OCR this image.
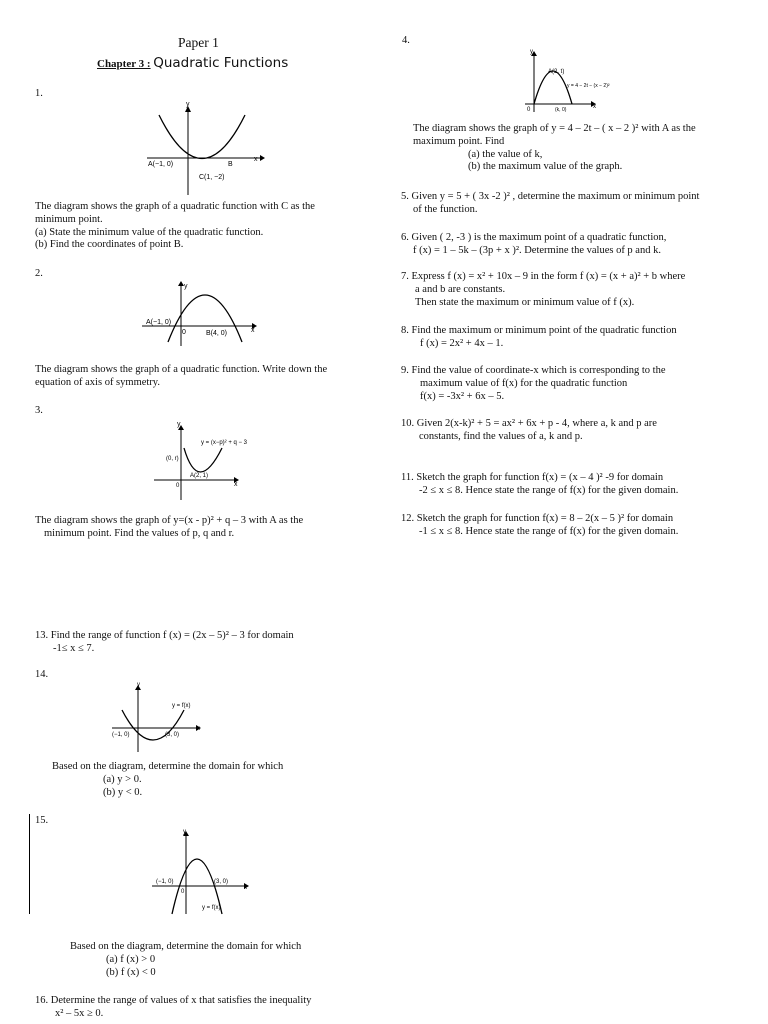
Paper 1
Chapter 3 : Quadratic Functions
1.
y
x
A(−1, 0)	B
C(1, −2)

The diagram shows the graph of a quadratic function with C as the

minimum point.

(a) State the minimum value of the quadratic function.

(b) Find the coordinates of point B.

2.
y
x
A(−1, 0)
0	B(4, 0)

The diagram shows the graph of a quadratic function. Write down the

equation of axis of symmetry.

3.
y
x
y = (x−p)² + q − 3
(0, r)
A(2, 1)
0

The diagram shows the graph of y=(x - p)² + q – 3 with A as the

minimum point. Find the values of p, q and r.

4.
y
x
A(2, t)
y = 4 − 2t − (x − 2)²
0	(k, 0)

The diagram shows the graph of y = 4 – 2t – ( x – 2 )² with A as the

maximum point. Find

(a) the value of k,

(b) the maximum value of the graph.

5. Given y = 5 + ( 3x -2 )² , determine the maximum or minimum point

of the function.

6. Given ( 2, -3 ) is the maximum point of a quadratic function,

f (x) = 1 – 5k – (3p + x )². Determine the values of p and k.

7. Express f (x) = x² + 10x – 9 in the form f (x) = (x + a)² + b where

a and b are constants.

Then state the maximum or minimum value of f (x).

8. Find the maximum or minimum point of the quadratic function

f (x) = 2x² + 4x – 1.

9. Find the value of coordinate-x which is corresponding to the

maximum value of f(x) for the quadratic function

f(x) = -3x² + 6x – 5.

10. Given 2(x-k)² + 5 = ax² + 6x + p - 4, where a, k and p are

constants, find the values of a, k and p.

11. Sketch the graph for function f(x) = (x – 4 )² -9 for domain

-2 ≤ x ≤ 8. Hence state the range of f(x) for the given domain.

12. Sketch the graph for function f(x) = 8 – 2(x – 5 )² for domain

-1 ≤ x ≤ 8. Hence state the range of f(x) for the given domain.

13. Find the range of function f (x) = (2x – 5)² – 3 for domain

-1≤ x ≤ 7.

14.
y
x
y = f(x)
(−1, 0)	(3, 0)

Based on the diagram, determine the domain for which

(a) y > 0.

(b) y < 0.

15.
y
x
(−1, 0)	(3, 0)
0
y = f(x)

Based on the diagram, determine the domain for which

(a) f (x) > 0

(b) f (x) < 0

16. Determine the range of values of x that satisfies the inequality

x² – 5x ≥ 0.
